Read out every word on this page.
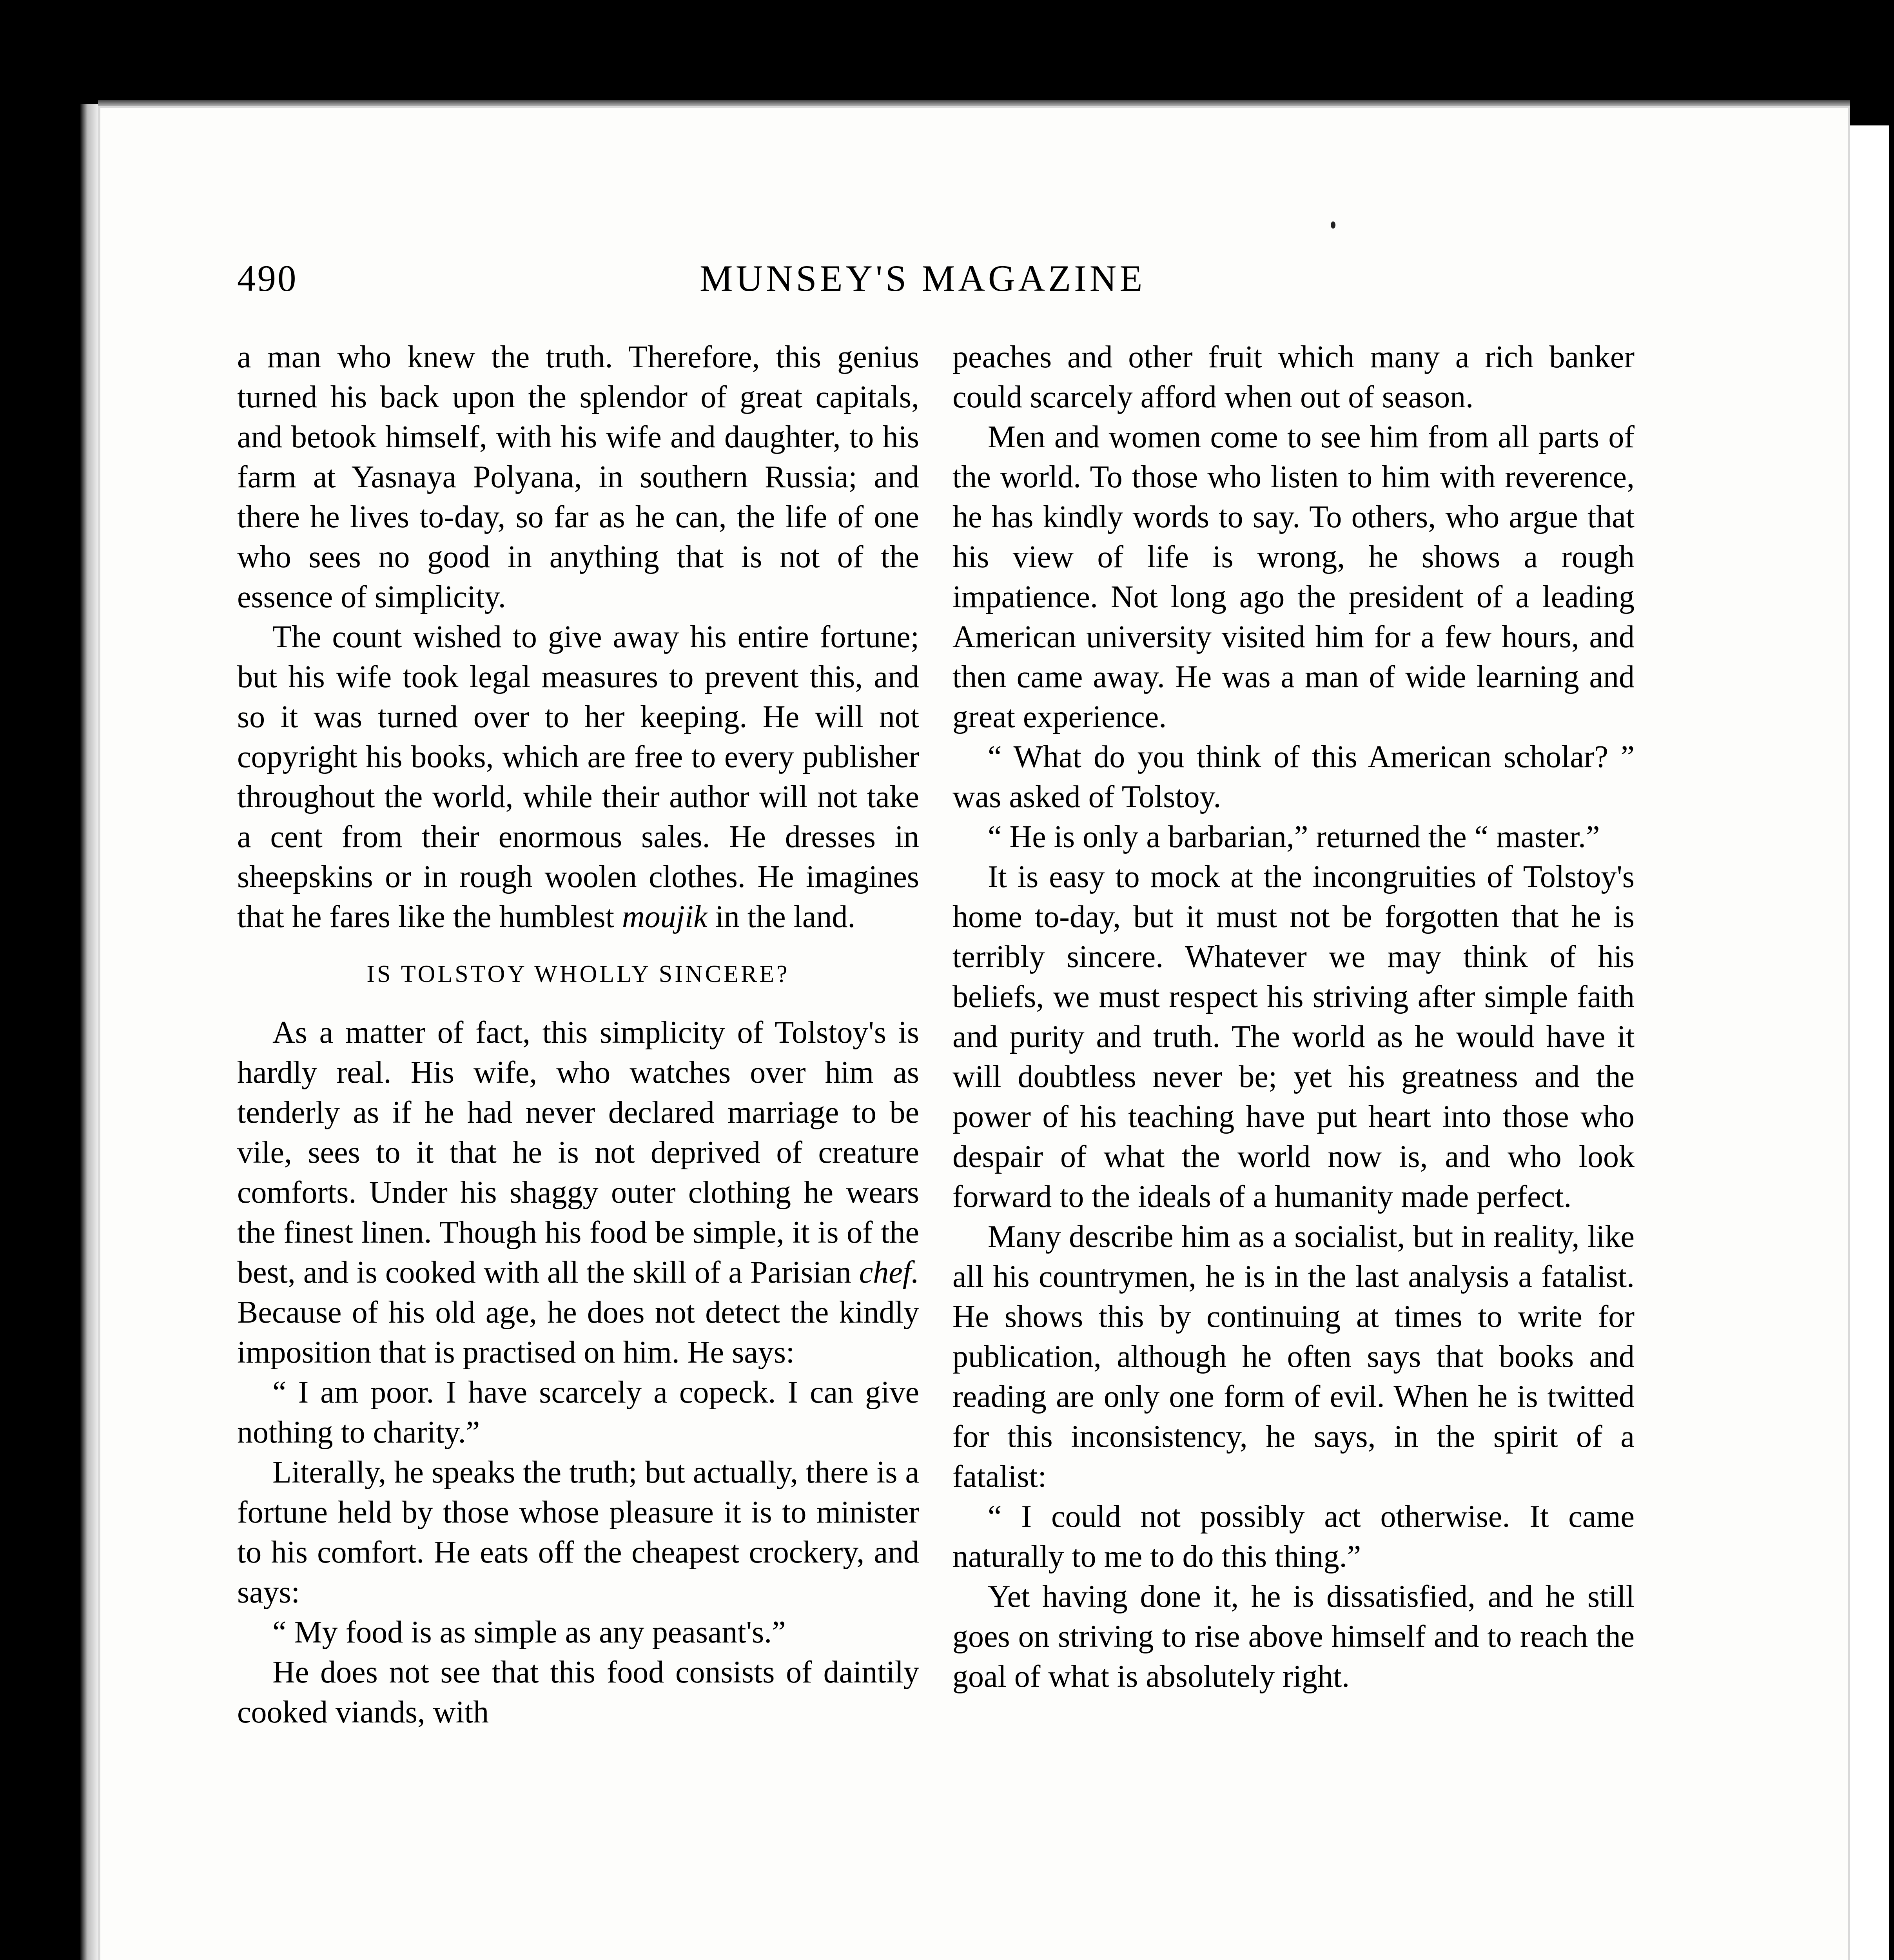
490	MUNSEY'S MAGAZINE

a man who knew the truth. Therefore, this genius turned his back upon the splendor of great capitals, and betook himself, with his wife and daughter, to his farm at Yasnaya Polyana, in southern Russia; and there he lives to-day, so far as he can, the life of one who sees no good in anything that is not of the essence of simplicity.

The count wished to give away his entire fortune; but his wife took legal measures to prevent this, and so it was turned over to her keeping. He will not copyright his books, which are free to every publisher throughout the world, while their author will not take a cent from their enormous sales. He dresses in sheepskins or in rough woolen clothes. He imagines that he fares like the humblest moujik in the land.

IS TOLSTOY WHOLLY SINCERE?

As a matter of fact, this simplicity of Tolstoy's is hardly real. His wife, who watches over him as tenderly as if he had never declared marriage to be vile, sees to it that he is not deprived of creature comforts. Under his shaggy outer clothing he wears the finest linen. Though his food be simple, it is of the best, and is cooked with all the skill of a Parisian chef. Because of his old age, he does not detect the kindly imposition that is practised on him. He says:

“ I am poor. I have scarcely a copeck. I can give nothing to charity.”

Literally, he speaks the truth; but actually, there is a fortune held by those whose pleasure it is to minister to his comfort. He eats off the cheapest crockery, and says:

“ My food is as simple as any peasant's.”

He does not see that this food consists of daintily cooked viands, with

peaches and other fruit which many a rich banker could scarcely afford when out of season.

Men and women come to see him from all parts of the world. To those who listen to him with reverence, he has kindly words to say. To others, who argue that his view of life is wrong, he shows a rough impatience. Not long ago the president of a leading American university visited him for a few hours, and then came away. He was a man of wide learning and great experience.

“ What do you think of this American scholar? ” was asked of Tolstoy.

“ He is only a barbarian,” returned the “ master.”

It is easy to mock at the incongruities of Tolstoy's home to-day, but it must not be forgotten that he is terribly sincere. Whatever we may think of his beliefs, we must respect his striving after simple faith and purity and truth. The world as he would have it will doubtless never be; yet his greatness and the power of his teaching have put heart into those who despair of what the world now is, and who look forward to the ideals of a humanity made perfect.

Many describe him as a socialist, but in reality, like all his countrymen, he is in the last analysis a fatalist. He shows this by continuing at times to write for publication, although he often says that books and reading are only one form of evil. When he is twitted for this inconsistency, he says, in the spirit of a fatalist:

“ I could not possibly act otherwise. It came naturally to me to do this thing.”

Yet having done it, he is dissatisfied, and he still goes on striving to rise above himself and to reach the goal of what is absolutely right.
